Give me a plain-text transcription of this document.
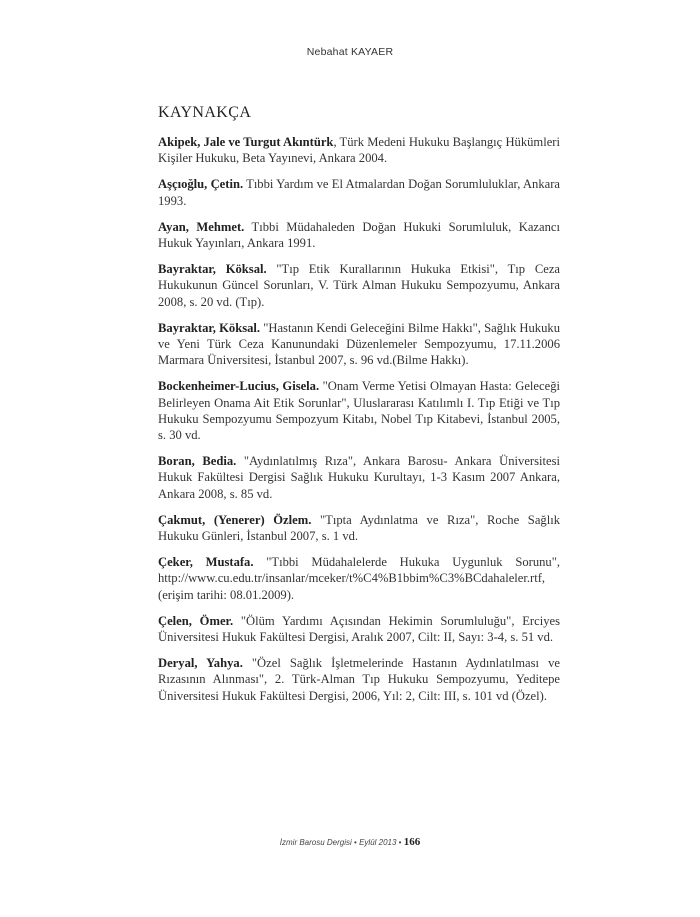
Nebahat KAYAER
KAYNAKÇA

Akipek, Jale ve Turgut Akıntürk, Türk Medeni Hukuku Başlangıç Hükümleri Kişiler Hukuku, Beta Yayınevi, Ankara 2004.

Aşçıoğlu, Çetin. Tıbbi Yardım ve El Atmalardan Doğan Sorumluluklar, Ankara 1993.

Ayan, Mehmet. Tıbbi Müdahaleden Doğan Hukuki Sorumluluk, Kazancı Hukuk Yayınları, Ankara 1991.

Bayraktar, Köksal. "Tıp Etik Kurallarının Hukuka Etkisi", Tıp Ceza Hukukunun Güncel Sorunları, V. Türk Alman Hukuku Sempozyumu, Ankara 2008, s. 20 vd. (Tıp).

Bayraktar, Köksal. "Hastanın Kendi Geleceğini Bilme Hakkı", Sağlık Hukuku ve Yeni Türk Ceza Kanunundaki Düzenlemeler Sempozyumu, 17.11.2006 Marmara Üniversitesi, İstanbul 2007, s. 96 vd.(Bilme Hakkı).

Bockenheimer-Lucius, Gisela. "Onam Verme Yetisi Olmayan Hasta: Geleceği Belirleyen Onama Ait Etik Sorunlar", Uluslararası Katılımlı I. Tıp Etiği ve Tıp Hukuku Sempozyumu Sempozyum Kitabı, Nobel Tıp Kitabevi, İstanbul 2005, s. 30 vd.

Boran, Bedia. "Aydınlatılmış Rıza", Ankara Barosu- Ankara Üniversitesi Hukuk Fakültesi Dergisi Sağlık Hukuku Kurultayı, 1-3 Kasım 2007 Ankara, Ankara 2008, s. 85 vd.

Çakmut, (Yenerer) Özlem. "Tıpta Aydınlatma ve Rıza", Roche Sağlık Hukuku Günleri, İstanbul 2007, s. 1 vd.

Çeker, Mustafa. "Tıbbi Müdahalelerde Hukuka Uygunluk Sorunu", http://www.cu.edu.tr/insanlar/mceker/t%C4%B1bbim%C3%BCdahaleler.rtf, (erişim tarihi: 08.01.2009).

Çelen, Ömer. "Ölüm Yardımı Açısından Hekimin Sorumluluğu", Erciyes Üniversitesi Hukuk Fakültesi Dergisi, Aralık 2007, Cilt: II, Sayı: 3-4, s. 51 vd.

Deryal, Yahya. "Özel Sağlık İşletmelerinde Hastanın Aydınlatılması ve Rızasının Alınması", 2. Türk-Alman Tıp Hukuku Sempozyumu, Yeditepe Üniversitesi Hukuk Fakültesi Dergisi, 2006, Yıl: 2, Cilt: III, s. 101 vd (Özel).

İzmir Barosu Dergisi • Eylül 2013 • 166
